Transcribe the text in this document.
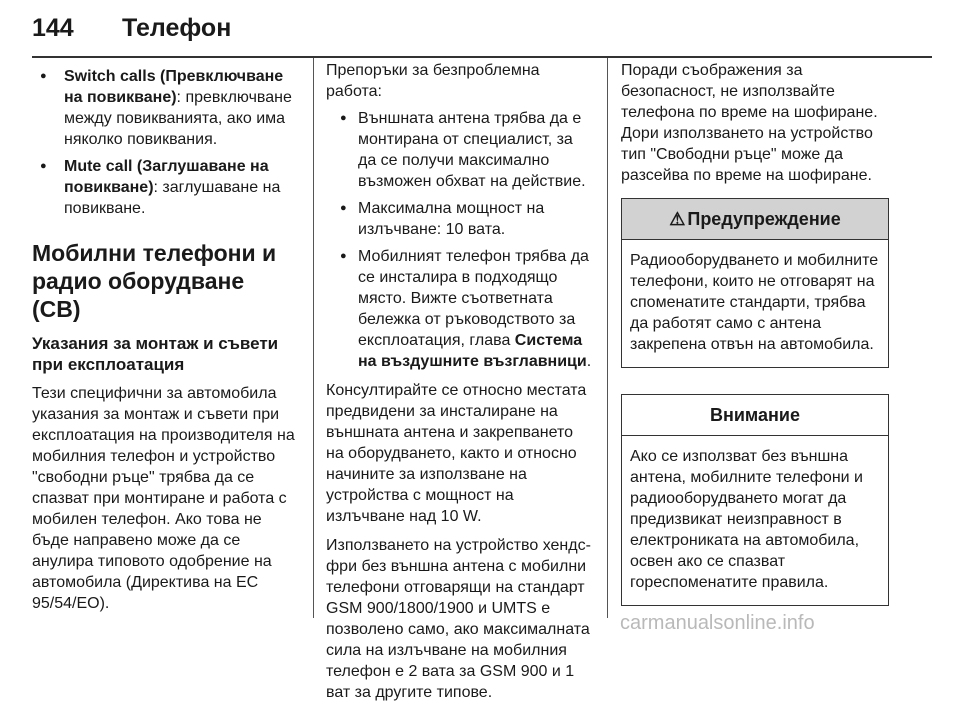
144 Телефон
● Switch calls (Превключване на повикване): превключване между повикванията, ако има няколко повиквания.
● Mute call (Заглушаване на повикване): заглушаване на повикване.
Мобилни телефони и радио оборудване (CB)
Указания за монтаж и съвети при експлоатация
Тези специфични за автомобила указания за монтаж и съвети при експлоатация на производителя на мобилния телефон и устройство "свободни ръце" трябва да се спазват при монтиране и работа с мобилен телефон. Ако това не бъде направено може да се анулира типовото одобрение на автомобила (Директива на ЕС 95/54/ЕО).
Препоръки за безпроблемна работа:
● Външната антена трябва да е монтирана от специалист, за да се получи максимално възможен обхват на действие.
● Максимална мощност на излъчване: 10 вата.
● Мобилният телефон трябва да се инсталира в подходящо място. Вижте съответната бележка от ръководството за експлоатация, глава Система на въздушните възглавници.
Консултирайте се относно местата предвидени за инсталиране на външната антена и закрепването на оборудването, както и относно начините за използване на устройства с мощност на излъчване над 10 W.
Използването на устройство хендс-фри без външна антена с мобилни телефони отговарящи на стандарт GSM 900/1800/1900 и UMTS е позволено само, ако максималната сила на излъчване на мобилния телефон е 2 вата за GSM 900 и 1 ват за другите типове.
Поради съображения за безопасност, не използвайте телефона по време на шофиране. Дори използването на устройство тип "Свободни ръце" може да разсейва по време на шофиране.
⚠ Предупреждение
Радиооборудването и мобилните телефони, които не отговарят на споменатите стандарти, трябва да работят само с антена закрепена отвън на автомобила.
Внимание
Ако се използват без външна антена, мобилните телефони и радиооборудването могат да предизвикат неизправност в електрониката на автомобила, освен ако се спазват гореспоменатите правила.
carmanualsonline.info
